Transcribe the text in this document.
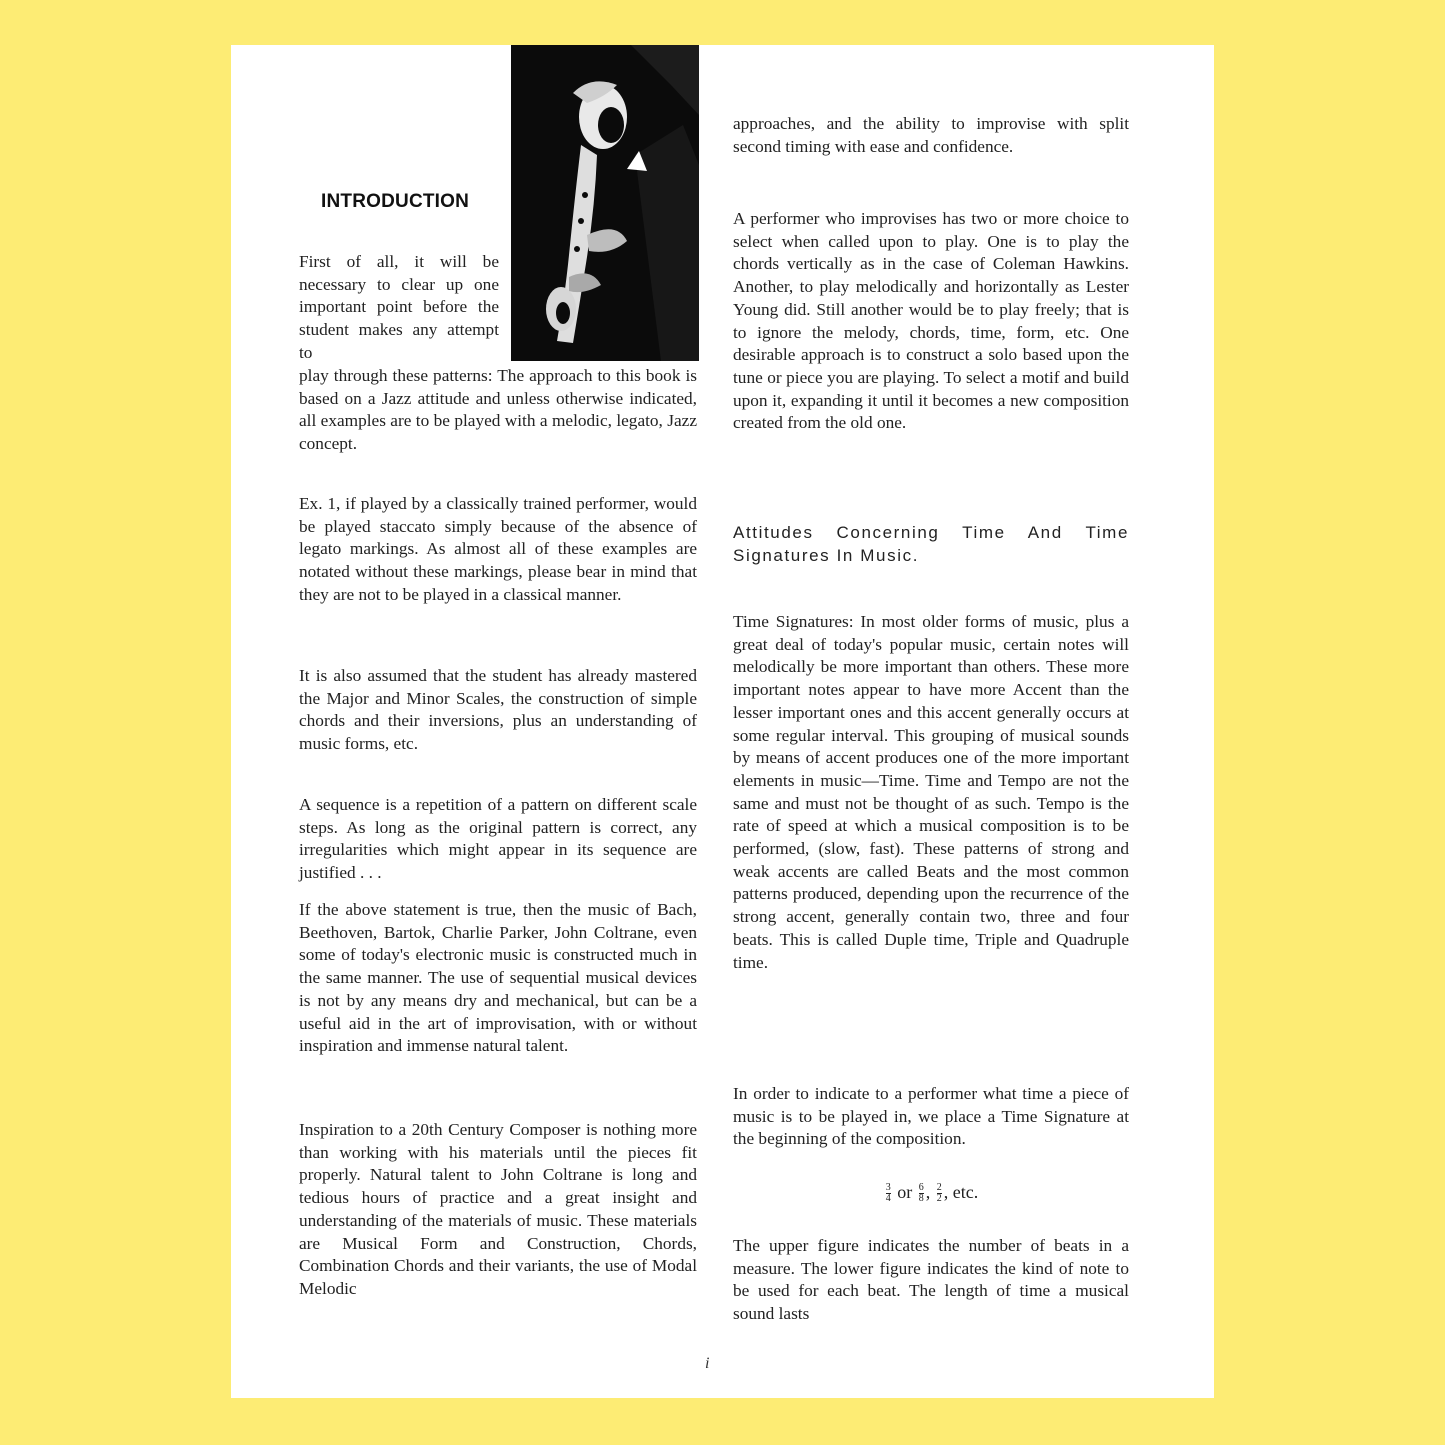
INTRODUCTION

First of all, it will be necessary to clear up one important point before the student makes any attempt to

play through these patterns: The approach to this book is based on a Jazz attitude and unless otherwise indicated, all examples are to be played with a melodic, legato, Jazz concept.

Ex. 1, if played by a classically trained performer, would be played staccato simply because of the absence of legato markings. As almost all of these examples are notated without these markings, please bear in mind that they are not to be played in a classical manner.

It is also assumed that the student has already mastered the Major and Minor Scales, the construction of simple chords and their inversions, plus an understanding of music forms, etc.

A sequence is a repetition of a pattern on different scale steps. As long as the original pattern is correct, any irregularities which might appear in its sequence are justified . . .

If the above statement is true, then the music of Bach, Beethoven, Bartok, Charlie Parker, John Coltrane, even some of today's electronic music is constructed much in the same manner. The use of sequential musical devices is not by any means dry and mechanical, but can be a useful aid in the art of improvisation, with or without inspiration and immense natural talent.

Inspiration to a 20th Century Composer is nothing more than working with his materials until the pieces fit properly. Natural talent to John Coltrane is long and tedious hours of practice and a great insight and understanding of the materials of music. These materials are Musical Form and Construction, Chords, Combination Chords and their variants, the use of Modal Melodic

approaches, and the ability to improvise with split second timing with ease and confidence.

A performer who improvises has two or more choice to select when called upon to play. One is to play the chords vertically as in the case of Coleman Hawkins. Another, to play melodically and horizontally as Lester Young did. Still another would be to play freely; that is to ignore the melody, chords, time, form, etc. One desirable approach is to construct a solo based upon the tune or piece you are playing. To select a motif and build upon it, expanding it until it becomes a new composition created from the old one.

Attitudes Concerning Time And Time Signatures In Music.

Time Signatures: In most older forms of music, plus a great deal of today's popular music, certain notes will melodically be more important than others. These more important notes appear to have more Accent than the lesser important ones and this accent generally occurs at some regular interval. This grouping of musical sounds by means of accent produces one of the more important elements in music—Time. Time and Tempo are not the same and must not be thought of as such. Tempo is the rate of speed at which a musical composition is to be performed, (slow, fast). These patterns of strong and weak accents are called Beats and the most common patterns produced, depending upon the recurrence of the strong accent, generally contain two, three and four beats. This is called Duple time, Triple and Quadruple time.

In order to indicate to a performer what time a piece of music is to be played in, we place a Time Signature at the beginning of the composition.

$\frac{3}{4}$ or $\frac{6}{8}$ , $\frac{2}{2}$ , etc.

The upper figure indicates the number of beats in a measure. The lower figure indicates the kind of note to be used for each beat. The length of time a musical sound lasts

i
